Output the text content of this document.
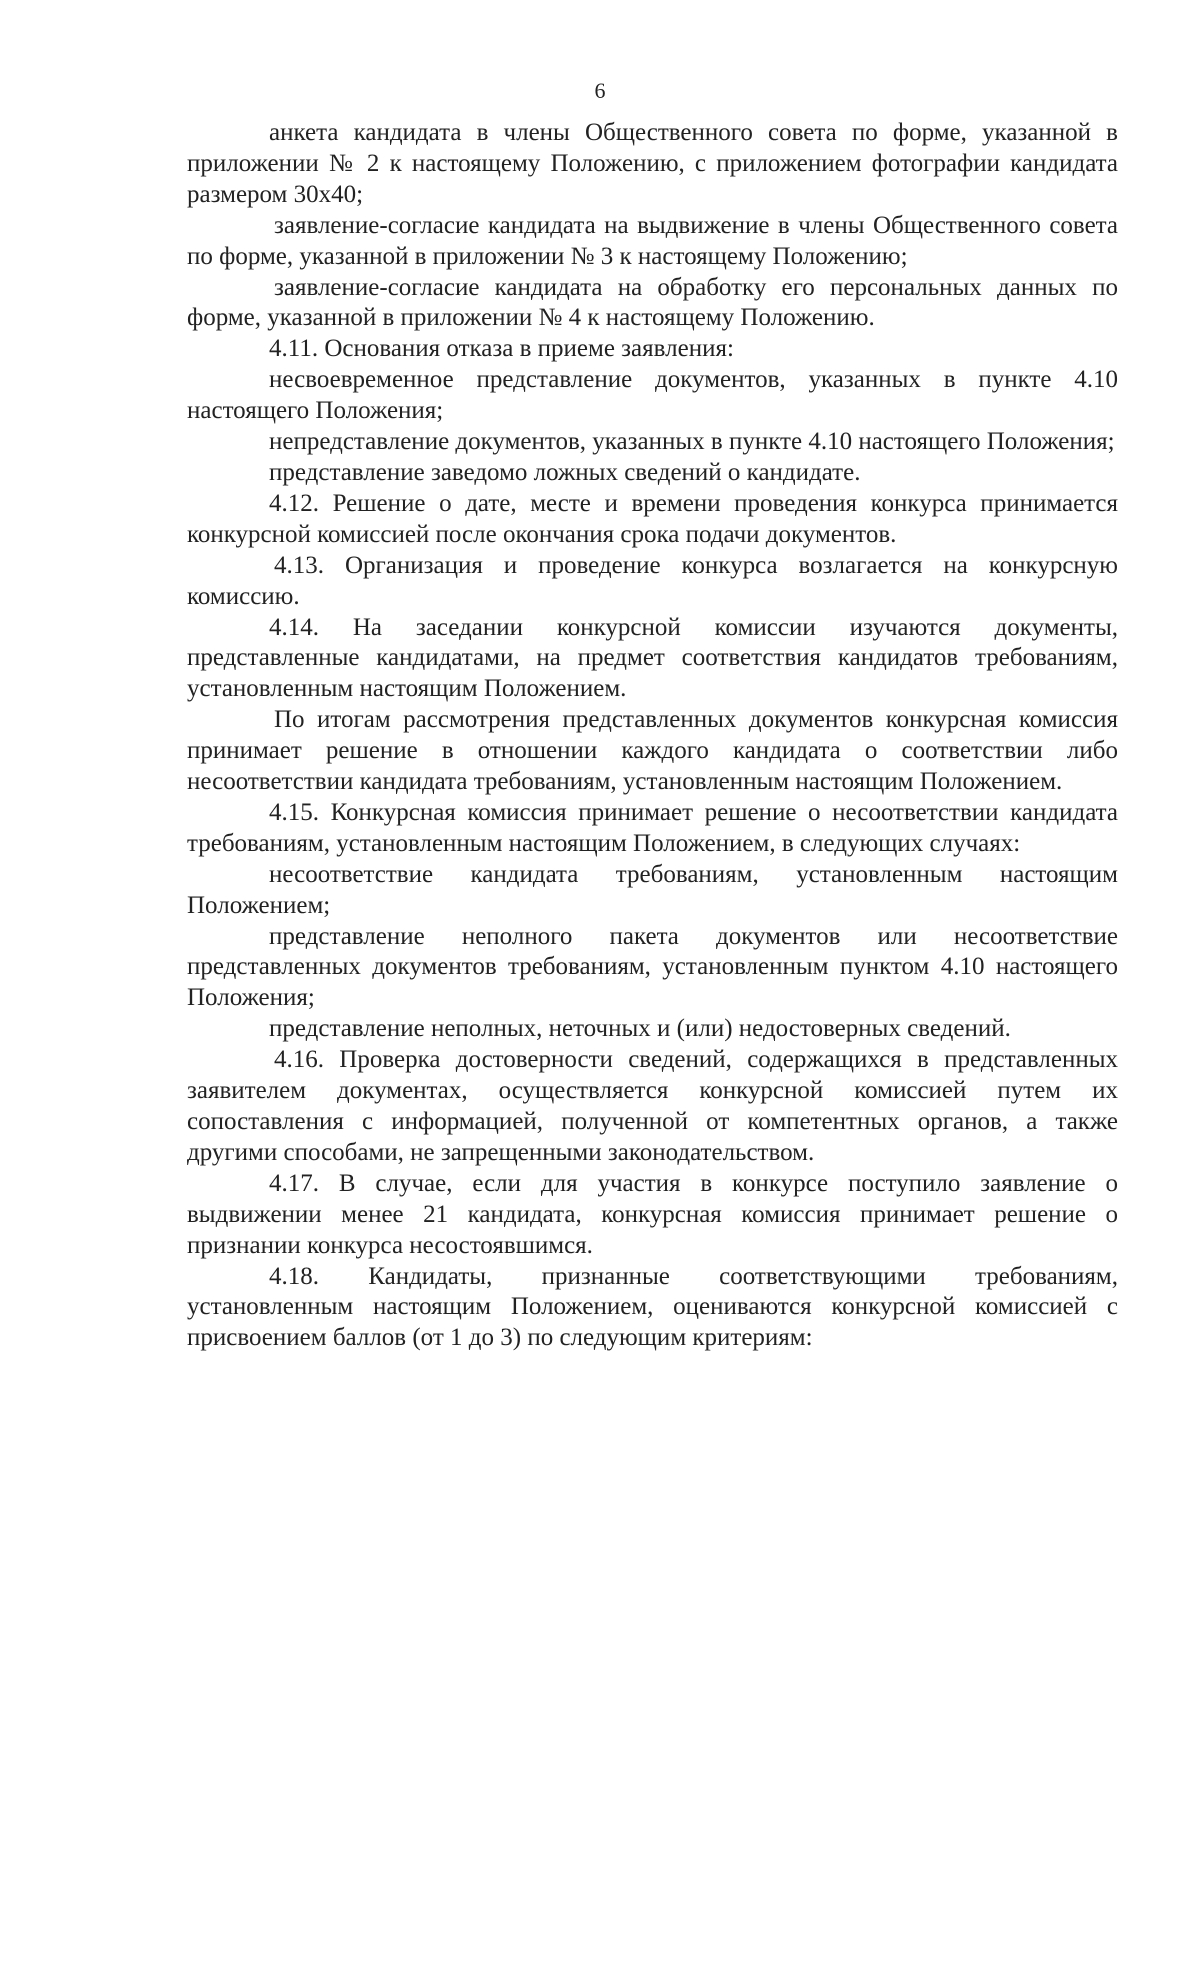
6

анкета кандидата в члены Общественного совета по форме, указанной в приложении № 2 к настоящему Положению, с приложением фотографии кандидата размером 30х40;

заявление-согласие кандидата на выдвижение в члены Общественного совета по форме, указанной в приложении № 3 к настоящему Положению;

заявление-согласие кандидата на обработку его персональных данных по форме, указанной в приложении № 4 к настоящему Положению.

4.11. Основания отказа в приеме заявления:

несвоевременное представление документов, указанных в пункте 4.10 настоящего Положения;

непредставление документов, указанных в пункте 4.10 настоящего Положения;

представление заведомо ложных сведений о кандидате.

4.12. Решение о дате, месте и времени проведения конкурса принимается конкурсной комиссией после окончания срока подачи документов.

4.13. Организация и проведение конкурса возлагается на конкурсную комиссию.

4.14. На заседании конкурсной комиссии изучаются документы, представленные кандидатами, на предмет соответствия кандидатов требованиям, установленным настоящим Положением.

По итогам рассмотрения представленных документов конкурсная комиссия принимает решение в отношении каждого кандидата о соответствии либо несоответствии кандидата требованиям, установленным настоящим Положением.

4.15. Конкурсная комиссия принимает решение о несоответствии кандидата требованиям, установленным настоящим Положением, в следующих случаях:

несоответствие кандидата требованиям, установленным настоящим Положением;

представление неполного пакета документов или несоответствие представленных документов требованиям, установленным пунктом 4.10 настоящего Положения;

представление неполных, неточных и (или) недостоверных сведений.

4.16. Проверка достоверности сведений, содержащихся в представленных заявителем документах, осуществляется конкурсной комиссией путем их сопоставления с информацией, полученной от компетентных органов, а также другими способами, не запрещенными законодательством.

4.17. В случае, если для участия в конкурсе поступило заявление о выдвижении менее 21 кандидата, конкурсная комиссия принимает решение о признании конкурса несостоявшимся.

4.18. Кандидаты, признанные соответствующими требованиям, установленным настоящим Положением, оцениваются конкурсной комиссией с присвоением баллов (от 1 до 3) по следующим критериям:
